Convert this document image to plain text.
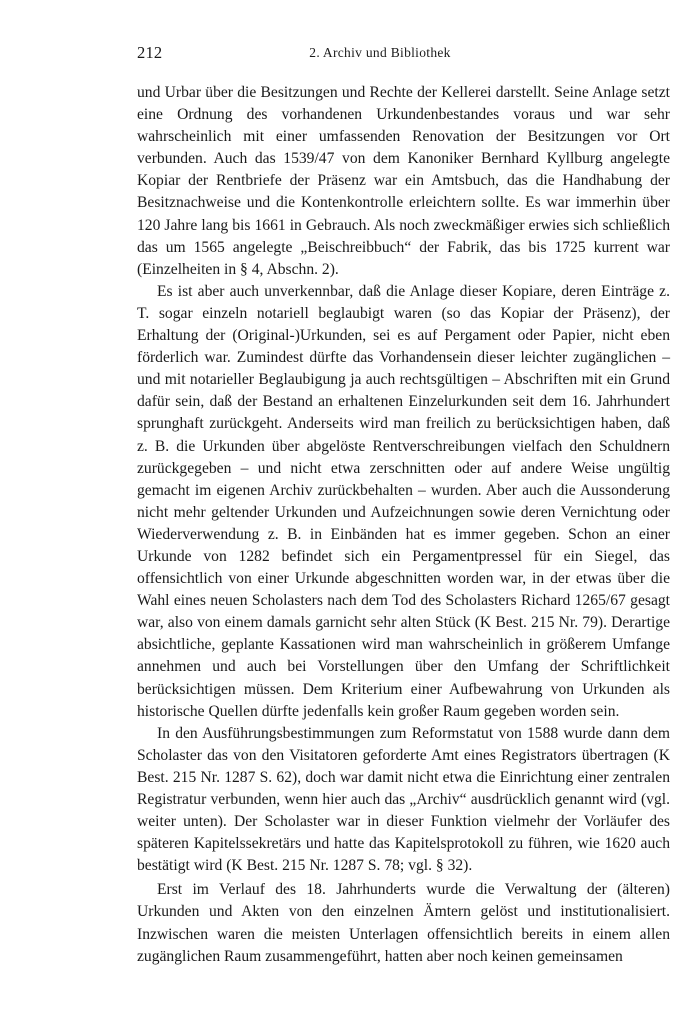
212	2. Archiv und Bibliothek

und Urbar über die Besitzungen und Rechte der Kellerei darstellt. Seine Anlage setzt eine Ordnung des vorhandenen Urkundenbestandes voraus und war sehr wahrscheinlich mit einer umfassenden Renovation der Besitzungen vor Ort verbunden. Auch das 1539/47 von dem Kanoniker Bernhard Kyllburg angelegte Kopiar der Rentbriefe der Präsenz war ein Amtsbuch, das die Handhabung der Besitznachweise und die Kontenkontrolle erleichtern sollte. Es war immerhin über 120 Jahre lang bis 1661 in Gebrauch. Als noch zweckmäßiger erwies sich schließlich das um 1565 angelegte „Beischreibbuch“ der Fabrik, das bis 1725 kurrent war (Einzelheiten in § 4, Abschn. 2).

Es ist aber auch unverkennbar, daß die Anlage dieser Kopiare, deren Einträge z. T. sogar einzeln notariell beglaubigt waren (so das Kopiar der Präsenz), der Erhaltung der (Original-)Urkunden, sei es auf Pergament oder Papier, nicht eben förderlich war. Zumindest dürfte das Vorhandensein dieser leichter zugänglichen – und mit notarieller Beglaubigung ja auch rechtsgültigen – Abschriften mit ein Grund dafür sein, daß der Bestand an erhaltenen Einzelurkunden seit dem 16. Jahrhundert sprunghaft zurückgeht. Anderseits wird man freilich zu berücksichtigen haben, daß z. B. die Urkunden über abgelöste Rentverschreibungen vielfach den Schuldnern zurückgegeben – und nicht etwa zerschnitten oder auf andere Weise ungültig gemacht im eigenen Archiv zurückbehalten – wurden. Aber auch die Aussonderung nicht mehr geltender Urkunden und Aufzeichnungen sowie deren Vernichtung oder Wiederverwendung z. B. in Einbänden hat es immer gegeben. Schon an einer Urkunde von 1282 befindet sich ein Pergamentpressel für ein Siegel, das offensichtlich von einer Urkunde abgeschnitten worden war, in der etwas über die Wahl eines neuen Scholasters nach dem Tod des Scholasters Richard 1265/67 gesagt war, also von einem damals garnicht sehr alten Stück (K Best. 215 Nr. 79). Derartige absichtliche, geplante Kassationen wird man wahrscheinlich in größerem Umfange annehmen und auch bei Vorstellungen über den Umfang der Schriftlichkeit berücksichtigen müssen. Dem Kriterium einer Aufbewahrung von Urkunden als historische Quellen dürfte jedenfalls kein großer Raum gegeben worden sein.

In den Ausführungsbestimmungen zum Reformstatut von 1588 wurde dann dem Scholaster das von den Visitatoren geforderte Amt eines Registrators übertragen (K Best. 215 Nr. 1287 S. 62), doch war damit nicht etwa die Einrichtung einer zentralen Registratur verbunden, wenn hier auch das „Archiv“ ausdrücklich genannt wird (vgl. weiter unten). Der Scholaster war in dieser Funktion vielmehr der Vorläufer des späteren Kapitelssekretärs und hatte das Kapitelsprotokoll zu führen, wie 1620 auch bestätigt wird (K Best. 215 Nr. 1287 S. 78; vgl. § 32).

Erst im Verlauf des 18. Jahrhunderts wurde die Verwaltung der (älteren) Urkunden und Akten von den einzelnen Ämtern gelöst und institutionalisiert. Inzwischen waren die meisten Unterlagen offensichtlich bereits in einem allen zugänglichen Raum zusammengeführt, hatten aber noch keinen gemeinsamen
